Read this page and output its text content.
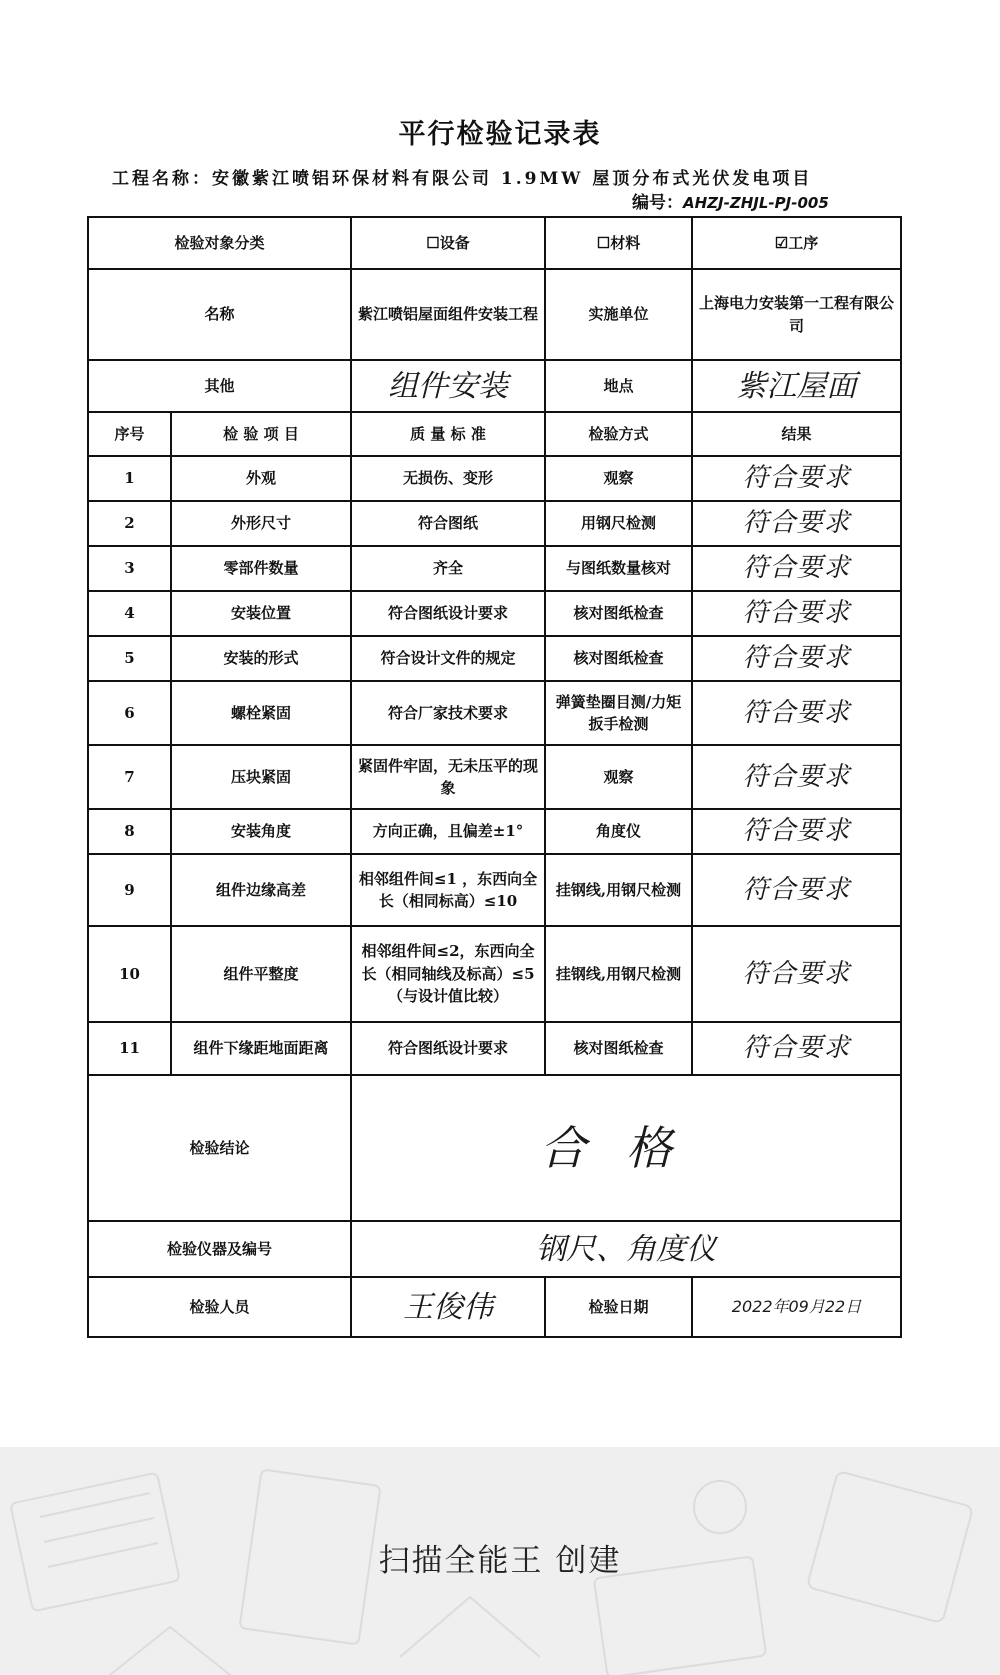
平行检验记录表
工程名称：安徽紫江喷铝环保材料有限公司 1.9MW 屋顶分布式光伏发电项目
编号：AHZJ-ZHJL-PJ-005
检验对象分类		☐设备	☐材料	☑工序
名称		紫江喷铝屋面组件安装工程	实施单位	上海电力安装第一工程有限公司
其他		组件安装	地点	紫江屋面
序号	检 验 项 目	质 量 标 准	检验方式	结果
1	外观	无损伤、变形	观察	符合要求
2	外形尺寸	符合图纸	用钢尺检测	符合要求
3	零部件数量	齐全	与图纸数量核对	符合要求
4	安装位置	符合图纸设计要求	核对图纸检查	符合要求
5	安装的形式	符合设计文件的规定	核对图纸检查	符合要求
6	螺栓紧固	符合厂家技术要求	弹簧垫圈目测/力矩扳手检测	符合要求
7	压块紧固	紧固件牢固，无未压平的现象	观察	符合要求
8	安装角度	方向正确，且偏差±1°	角度仪	符合要求
9	组件边缘高差	相邻组件间≤1 ，东西向全长（相同标高）≤10	挂钢线,用钢尺检测	符合要求
10	组件平整度	相邻组件间≤2，东西向全长（相同轴线及标高）≤5 （与设计值比较）	挂钢线,用钢尺检测	符合要求
11	组件下缘距地面距离	符合图纸设计要求	核对图纸检查	符合要求
检验结论		合格		
检验仪器及编号		钢尺、角度仪		
检验人员		王俊伟	检验日期	2022年09月22日
扫描全能王 创建
